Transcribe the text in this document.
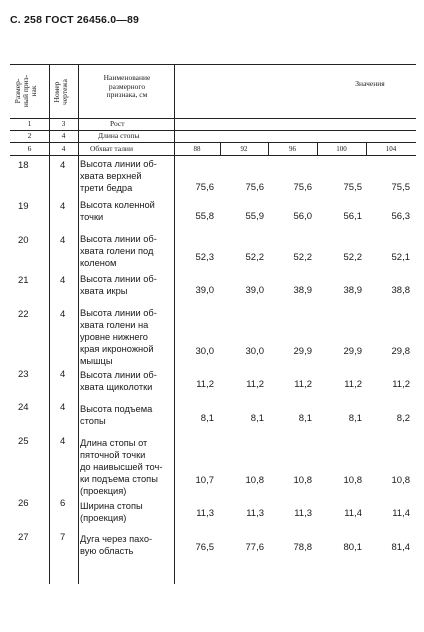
С. 258 ГОСТ 26456.0—89
Размер-
ный приз-
нак	Номер
чертежа
Наименование
размерного
признака, см
Значения
1	3	Рост
2	4	Длина стопы
6	4	Обхват талии	88	92	96	100	104
18	4 Высота линии об-
хвата верхней
трети бедра	75,6	75,6	75,6	75,5	75,5
19	4 Высота коленной
точки	55,8	55,9	56,0	56,1	56,3
20	4 Высота линии об-
хвата голени под
коленом	52,3	52,2	52,2	52,2	52,1
21	4 Высота линии об-
хвата икры	39,0	39,0	38,9	38,9	38,8
22	4 Высота линии об-
хвата голени на
уровне нижнего
края икроножной
мышцы
30,0	30,0	29,9	29,9	29,8
23	4 Высота линии об-
хвата щиколотки	11,2	11,2	11,2	11,2	11,2
24	4 Высота подъема
стопы	8,1	8,1	8,1	8,1	8,2
25	4 Длина стопы от
пяточной точки
до наивысшей точ-
ки подъема стопы
(проекция)
10,7	10,8	10,8	10,8	10,8
26	6 Ширина стопы
(проекция)	11,3	11,3	11,3	11,4	11,4
27	7 Дуга через пахо-
вую область	76,5	77,6	78,8	80,1	81,4
